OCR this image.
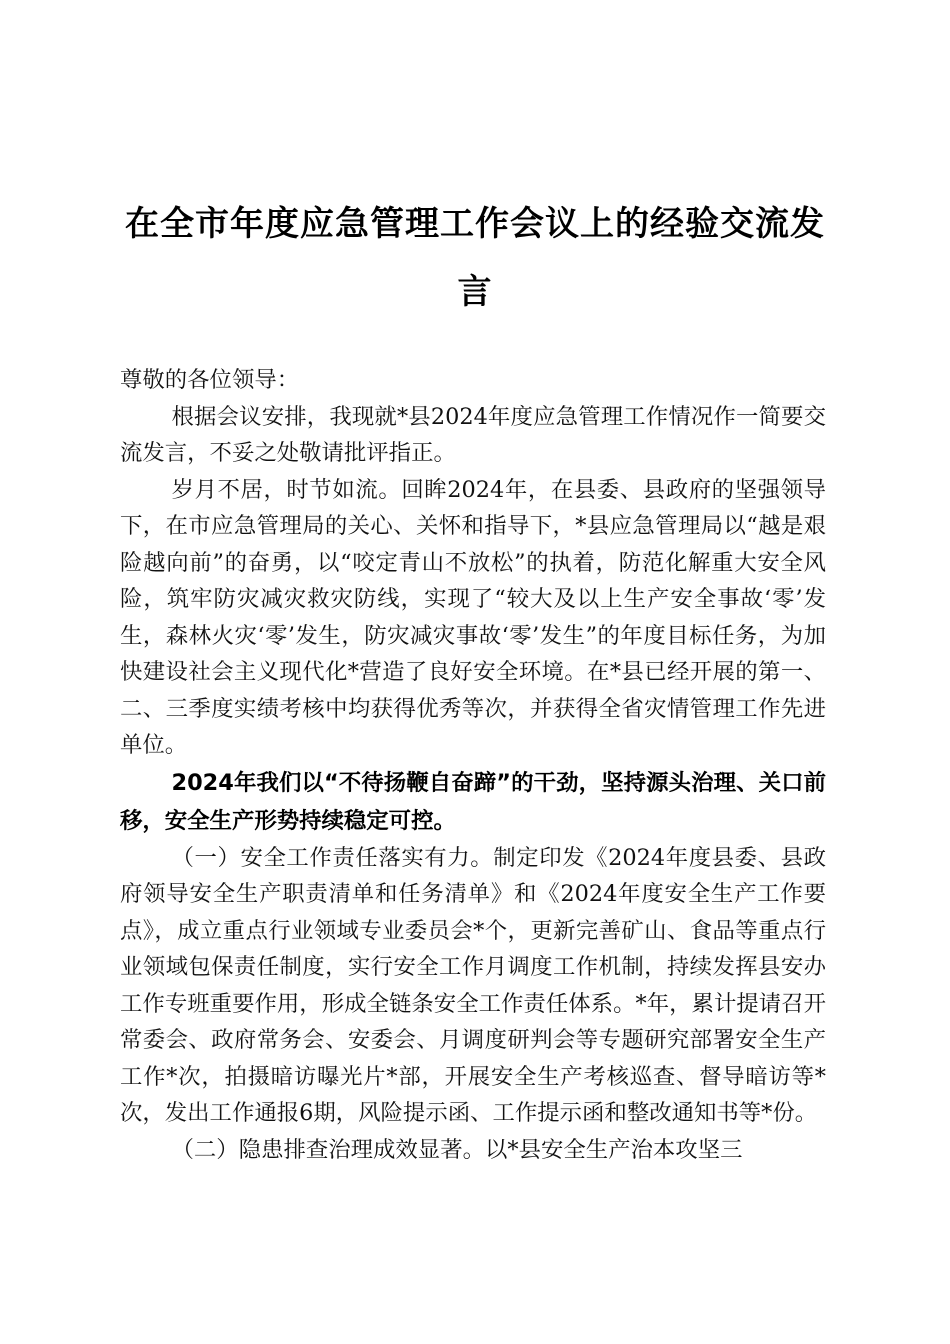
在全市年度应急管理工作会议上的经验交流发
言

尊敬的各位领导：

根据会议安排，我现就*县2024年度应急管理工作情况作一简要交流发言，不妥之处敬请批评指正。

岁月不居，时节如流。回眸2024年，在县委、县政府的坚强领导下，在市应急管理局的关心、关怀和指导下，*县应急管理局以“越是艰险越向前”的奋勇，以“咬定青山不放松”的执着，防范化解重大安全风险，筑牢防灾减灾救灾防线，实现了“较大及以上生产安全事故‘零’发生，森林火灾‘零’发生，防灾减灾事故‘零’发生”的年度目标任务，为加快建设社会主义现代化*营造了良好安全环境。在*县已经开展的第一、二、三季度实绩考核中均获得优秀等次，并获得全省灾情管理工作先进单位。

2024年我们以“不待扬鞭自奋蹄”的干劲，坚持源头治理、关口前移，安全生产形势持续稳定可控。

（一）安全工作责任落实有力。制定印发《2024年度县委、县政府领导安全生产职责清单和任务清单》和《2024年度安全生产工作要点》，成立重点行业领域专业委员会*个，更新完善矿山、食品等重点行业领域包保责任制度，实行安全工作月调度工作机制，持续发挥县安办工作专班重要作用，形成全链条安全工作责任体系。*年，累计提请召开常委会、政府常务会、安委会、月调度研判会等专题研究部署安全生产工作*次，拍摄暗访曝光片*部，开展安全生产考核巡查、督导暗访等*次，发出工作通报6期，风险提示函、工作提示函和整改通知书等*份。

（二）隐患排查治理成效显著。以*县安全生产治本攻坚三
